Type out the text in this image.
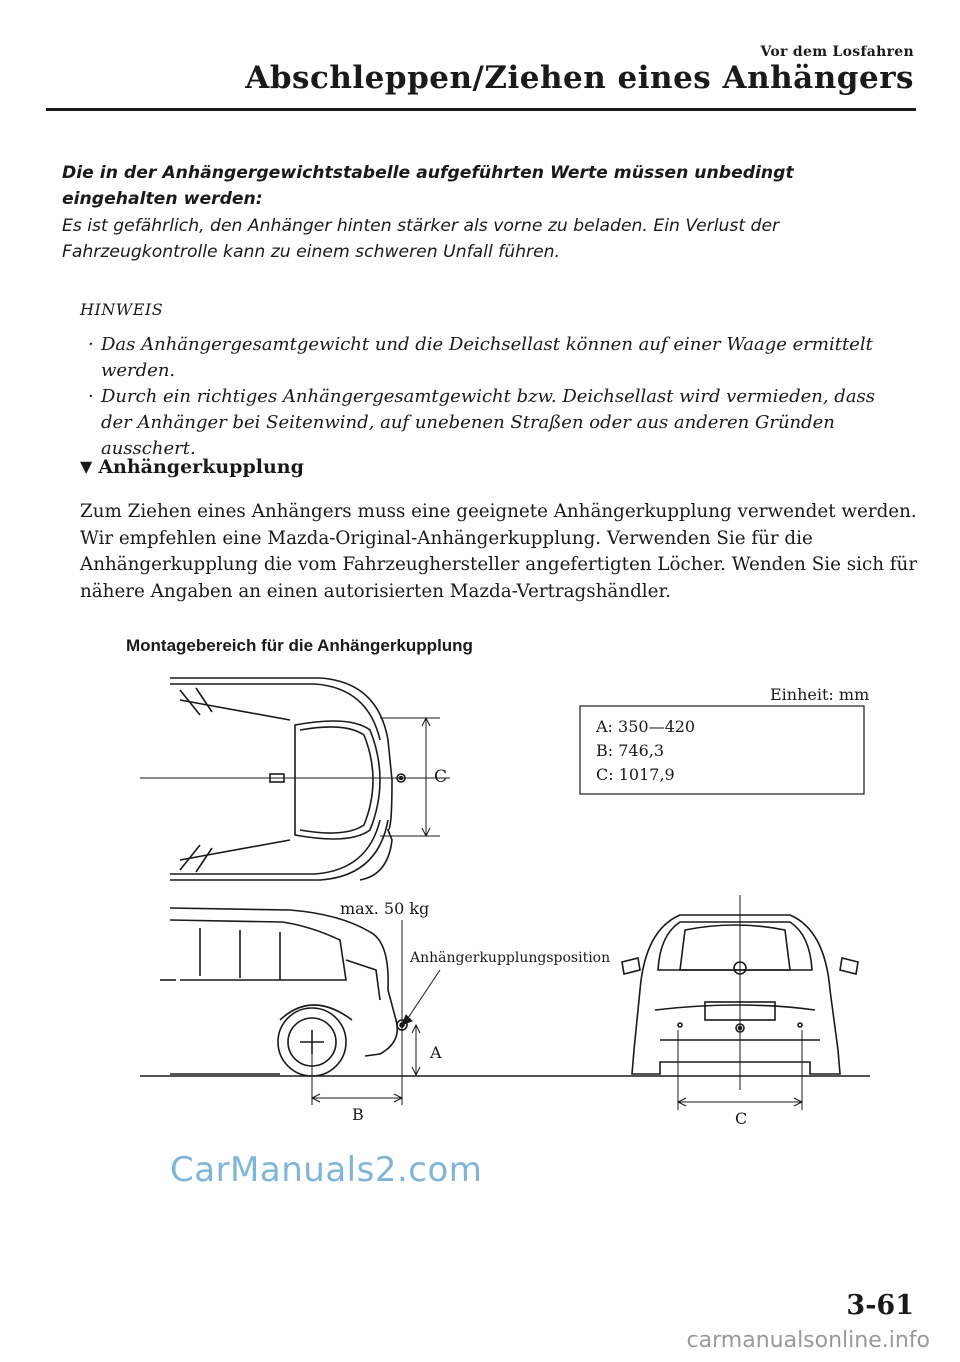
Vor dem Losfahren
Abschleppen/Ziehen eines Anhängers
Die in der Anhängergewichtstabelle aufgeführten Werte müssen unbedingt eingehalten werden:
Es ist gefährlich, den Anhänger hinten stärker als vorne zu beladen. Ein Verlust der Fahrzeugkontrolle kann zu einem schweren Unfall führen.
HINWEIS
· Das Anhängergesamtgewicht und die Deichsellast können auf einer Waage ermittelt werden.
· Durch ein richtiges Anhängergesamtgewicht bzw. Deichsellast wird vermieden, dass der Anhänger bei Seitenwind, auf unebenen Straßen oder aus anderen Gründen ausschert.
▼ Anhängerkupplung
Zum Ziehen eines Anhängers muss eine geeignete Anhängerkupplung verwendet werden. Wir empfehlen eine Mazda-Original-Anhängerkupplung. Verwenden Sie für die Anhängerkupplung die vom Fahrzeughersteller angefertigten Löcher. Wenden Sie sich für nähere Angaben an einen autorisierten Mazda-Vertragshändler.
Montagebereich für die Anhängerkupplung
C
Einheit: mm
A: 350—420
B: 746,3
C: 1017,9
max. 50 kg
Anhängerkupplungsposition
A
B	C
CarManuals2.com
3-61
carmanualsonline.info
